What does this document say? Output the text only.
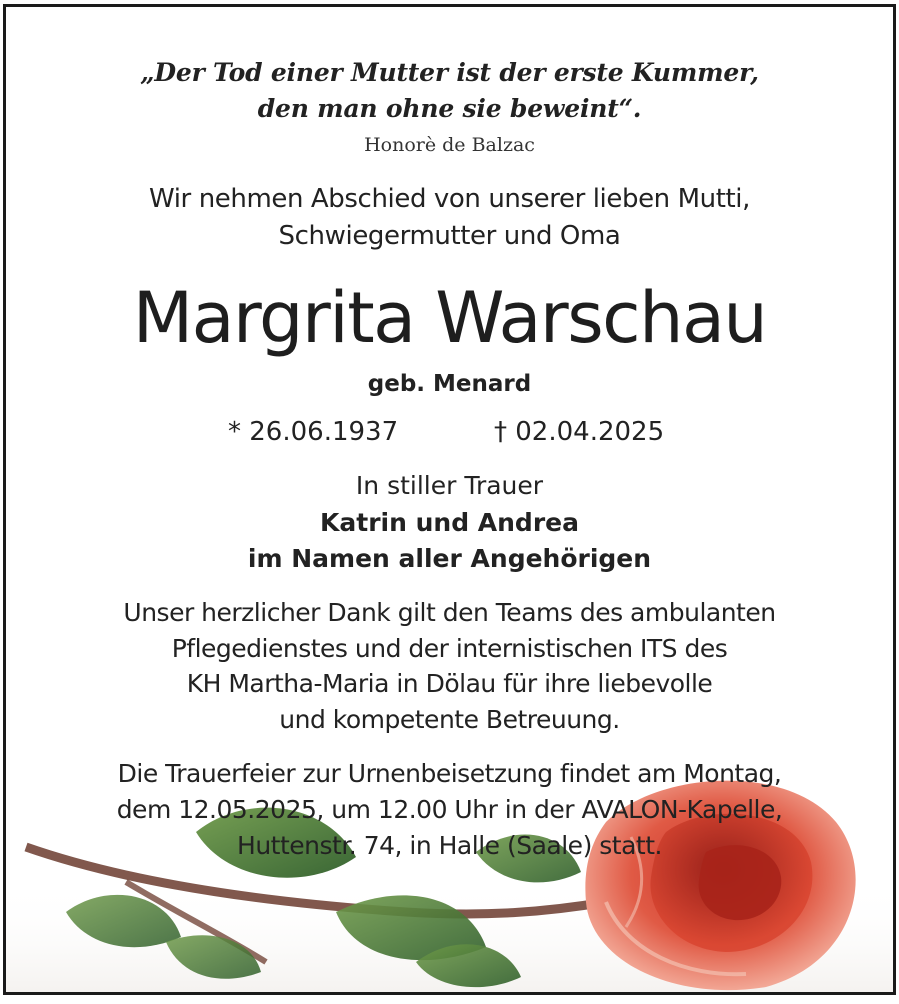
„Der Tod einer Mutter ist der erste Kummer,
den man ohne sie beweint“.
Honorè de Balzac
Wir nehmen Abschied von unserer lieben Mutti,
Schwiegermutter und Oma
Margrita Warschau
geb. Menard
* 26.06.1937	† 02.04.2025
In stiller Trauer
Katrin und Andrea
im Namen aller Angehörigen
Unser herzlicher Dank gilt den Teams des ambulanten
Pflegedienstes und der internistischen ITS des
KH Martha-Maria in Dölau für ihre liebevolle
und kompetente Betreuung.
Die Trauerfeier zur Urnenbeisetzung findet am Montag,
dem 12.05.2025, um 12.00 Uhr in der AVALON-Kapelle,
Huttenstr. 74, in Halle (Saale) statt.
